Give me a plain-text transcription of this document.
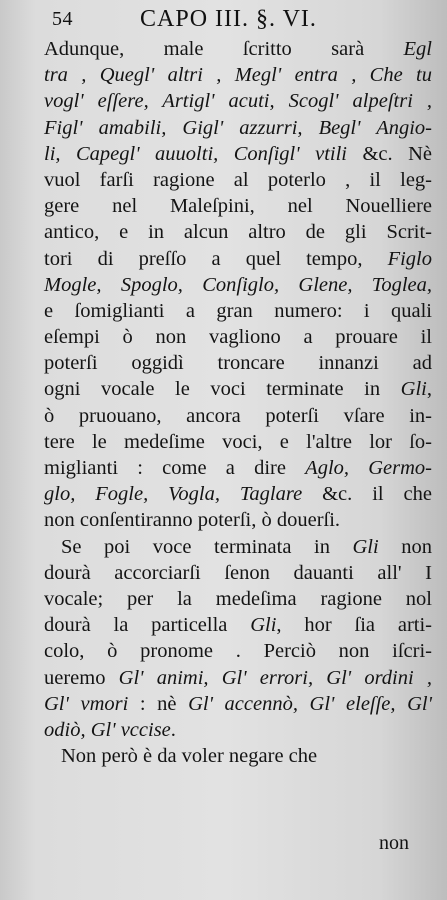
54	CAPO III. §. VI.
Adunque, male ſcritto sarà Egl
tra , Quegl' altri , Megl' entra , Che tu
vogl' eſſere, Artigl' acuti, Scogl' alpeſtri ,
Figl' amabili, Gigl' azzurri, Begl' Angio-
li, Capegl' auuolti, Conſigl' vtili &c. Nè
vuol farſi ragione al poterlo , il leg-
gere nel Maleſpini, nel Nouelliere
antico, e in alcun altro de gli Scrit-
tori di preſſo a quel tempo, Figlo
Mogle, Spoglo, Conſiglo, Glene, Toglea,
e ſomiglianti a gran numero: i quali
eſempi ò non vagliono a prouare il
poterſi oggidì troncare innanzi ad
ogni vocale le voci terminate in Gli,
ò pruouano, ancora poterſi vſare in-
tere le medeſime voci, e l'altre lor ſo-
miglianti : come a dire Aglo, Germo-
glo, Fogle, Vogla, Taglare &c. il che
non conſentiranno poterſi, ò douerſi.
Se poi voce terminata in Gli non
dourà accorciarſi ſenon dauanti all' I
vocale; per la medeſima ragione nol
dourà la particella Gli, hor ſia arti-
colo, ò pronome . Perciò non iſcri-
ueremo Gl' animi, Gl' errori, Gl' ordini ,
Gl' vmori : nè Gl' accennò, Gl' eleſſe, Gl'
odiò, Gl' vccise.
Non però è da voler negare che
non
